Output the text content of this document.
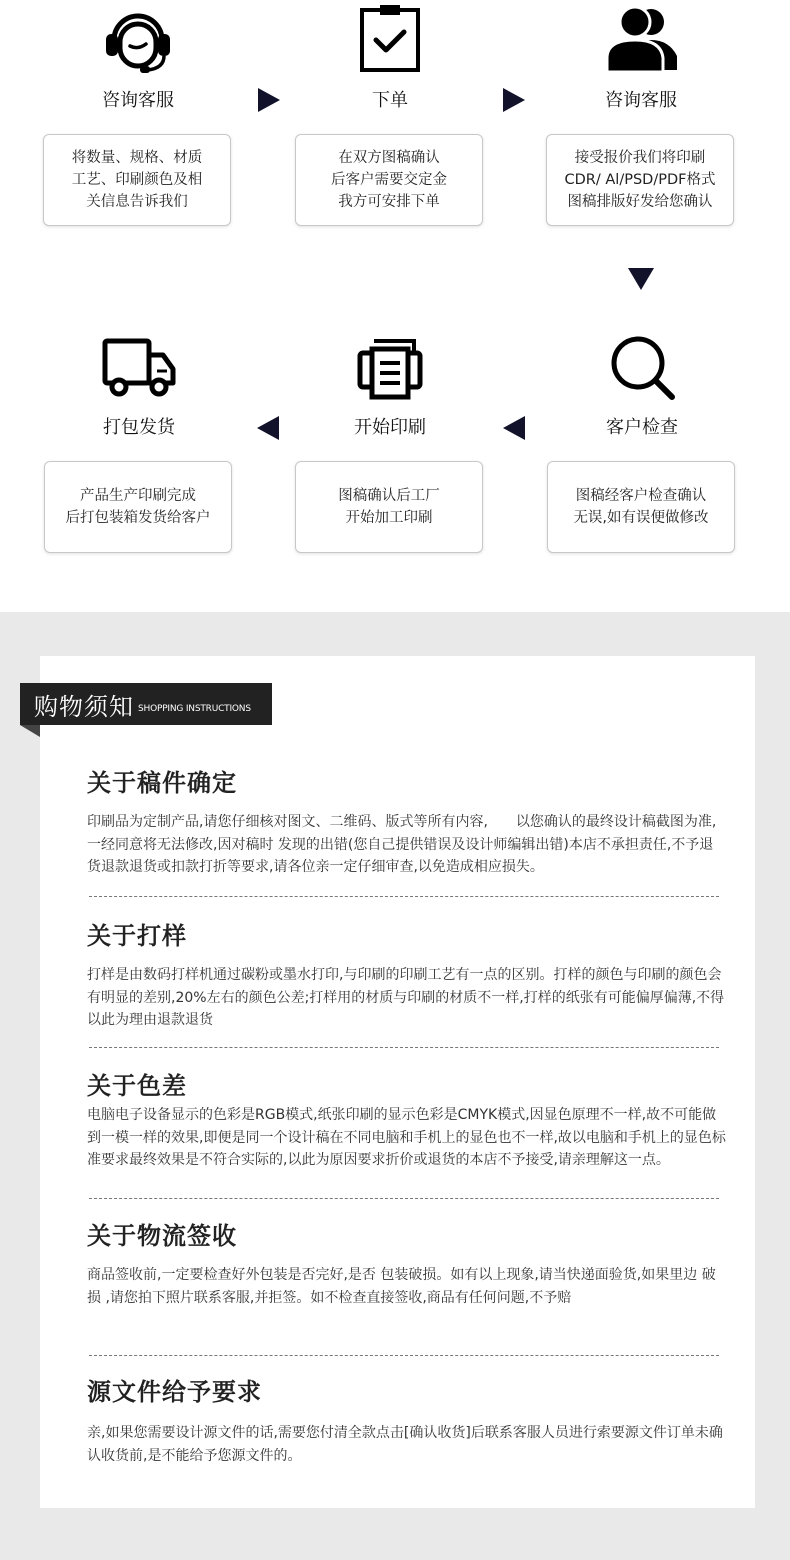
咨询客服
将数量、规格、材质
工艺、印刷颜色及相
关信息告诉我们
下单
在双方图稿确认
后客户需要交定金
我方可安排下单
咨询客服
接受报价我们将印刷
CDR/ Al/PSD/PDF格式
图稿排版好发给您确认
客户检查
图稿经客户检查确认
无误,如有误便做修改
开始印刷
图稿确认后工厂
开始加工印刷
打包发货
产品生产印刷完成
后打包装箱发货给客户
购物须知 SHOPPING INSTRUCTIONS
关于稿件确定

印刷品为定制产品,请您仔细核对图文、二维码、版式等所有内容,　　以您确认的最终设计稿截图为准,一经同意将无法修改,因对稿时 发现的出错(您自己提供错误及设计师编辑出错)本店不承担责任,不予退货退款退货或扣款打折等要求,请各位亲一定仔细审查,以免造成相应损失。

关于打样

打样是由数码打样机通过碳粉或墨水打印,与印刷的印刷工艺有一点的区别。打样的颜色与印刷的颜色会有明显的差别,20%左右的颜色公差;打样用的材质与印刷的材质不一样,打样的纸张有可能偏厚偏薄,不得以此为理由退款退货

关于色差

电脑电子设备显示的色彩是RGB模式,纸张印刷的显示色彩是CMYK模式,因显色原理不一样,故不可能做到一模一样的效果,即便是同一个设计稿在不同电脑和手机上的显色也不一样,故以电脑和手机上的显色标准要求最终效果是不符合实际的,以此为原因要求折价或退货的本店不予接受,请亲理解这一点。

关于物流签收

商品签收前,一定要检查好外包装是否完好,是否 包装破损。如有以上现象,请当快递面验货,如果里边 破损 ,请您拍下照片联系客服,并拒签。如不检查直接签收,商品有任何问题,不予赔

源文件给予要求

亲,如果您需要设计源文件的话,需要您付清全款点击[确认收货]后联系客服人员进行索要源文件订单未确认收货前,是不能给予您源文件的。
